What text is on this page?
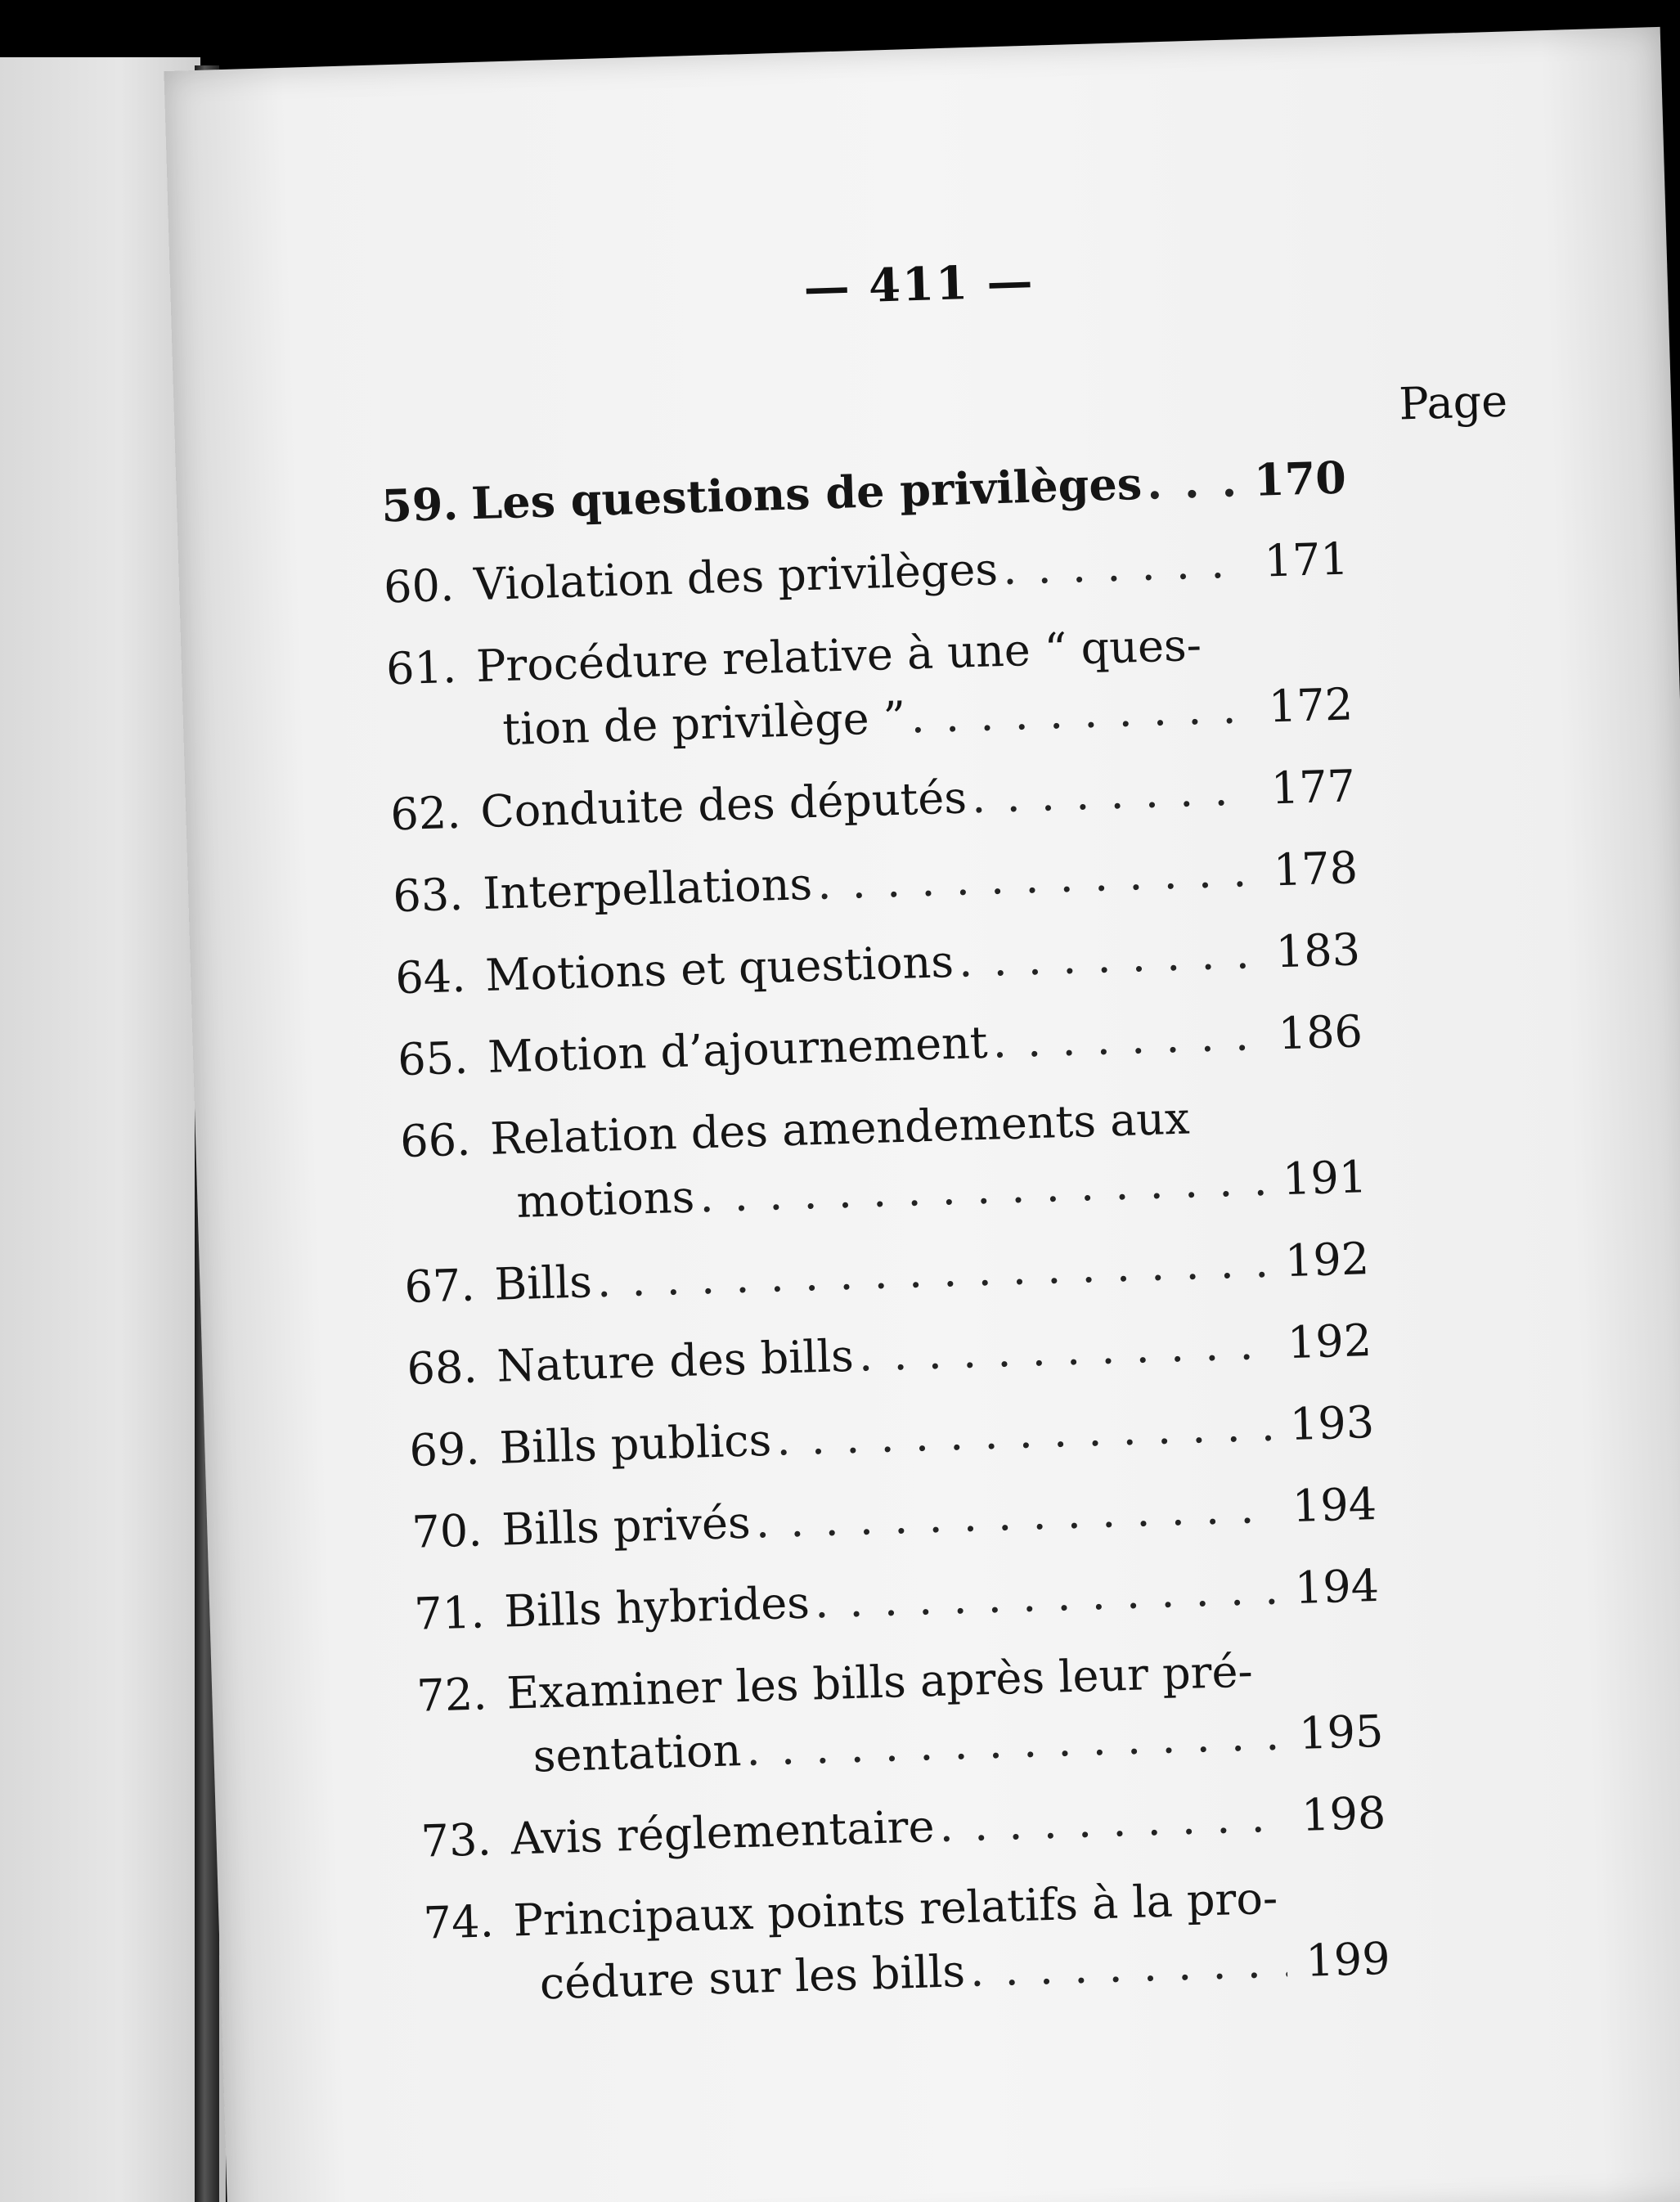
— 411 —
Page
59. Les questions de privilèges . . .	170
60. Violation des privilèges . . .	171
61. Procédure relative à une “ ques-
tion de privilège ” . . .	172
62. Conduite des députés . . .	177
63. Interpellations . . .	178
64. Motions et questions . . .	183
65. Motion d’ajournement . . .	186
66. Relation des amendements aux
motions . . .	191
67. Bills . . .	192
68. Nature des bills . . .	192
69. Bills publics . . .	193
70. Bills privés . . .	194
71. Bills hybrides . . .	194
72. Examiner les bills après leur pré-
sentation . . .	195
73. Avis réglementaire . . .	198
74. Principaux points relatifs à la pro-
cédure sur les bills . . .	199
